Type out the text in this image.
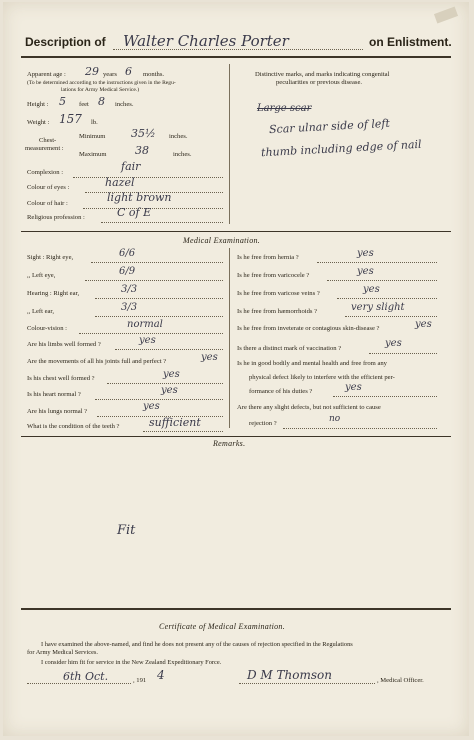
Description of Walter Charles Porter	on Enlistment.
Apparent age : 29 years 6 months.
(To be determined according to the instructions given in the Regu-
lations for Army Medical Service.)
Height : 5 feet 8 inches.
Weight : 157 lb.
Chest-
measurement :
Minimum 35½ inches.
Maximum	38	inches.
Complexion :	fair
Colour of eyes :	hazel
Colour of hair :	light brown
Religious profession :	C of E
Distinctive marks, and marks indicating congenital
peculiarities or previous disease.
Large scar
Scar ulnar side of left
thumb including edge of nail
Medical Examination.
Sight : Right eye,	6/6
,, Left eye,	6/9
Hearing : Right ear,	3/3
,, Left ear,	3/3
Colour-vision :	normal
Are his limbs well formed ?	yes
Are the movements of all his joints full and perfect ?	yes
Is his chest well formed ?	yes
Is his heart normal ?	yes
Are his lungs normal ?	yes
What is the condition of the teeth ?	sufficient
Is he free from hernia ?	yes
Is he free from varicocele ?	yes
Is he free from varicose veins ?	yes
Is he free from hæmorrhoids ?	very slight
Is he free from inveterate or contagious skin-disease ?	yes
Is there a distinct mark of vaccination ?	yes
Is he in good bodily and mental health and free from any
physical defect likely to interfere with the efficient per-
formance of his duties ?	yes
Are there any slight defects, but not sufficient to cause
rejection ?	no
Remarks.
Fit
Certificate of Medical Examination.
I have examined the above-named, and find he does not present any of the causes of rejection specified in the Regulations
for Army Medical Services.
I consider him fit for service in the New Zealand Expeditionary Force.
6th Oct.	, 191 4	D M Thomson	, Medical Officer.
